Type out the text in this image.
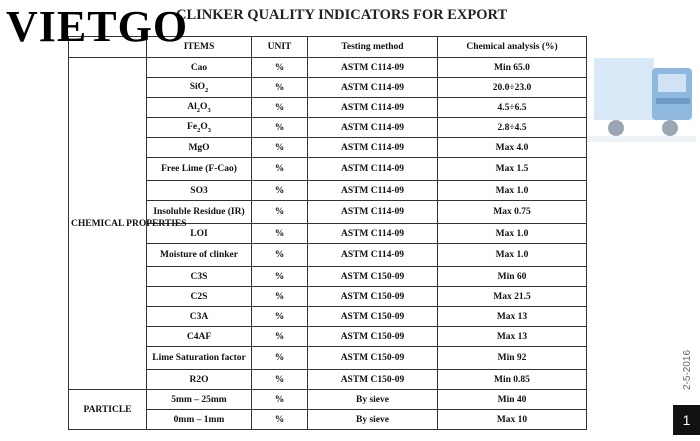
VIETGO
CLINKER QUALITY INDICATORS FOR EXPORT
	ITEMS	UNIT	Testing method	Chemical analysis (%)
CHEMICAL PROPERTIES	Cao	%	ASTM C114-09	Min 65.0
	SiO$_2$	%	ASTM C114-09	20.0÷23.0
	$Al_2O_3$	%	ASTM C114-09	4.5÷6.5
	$Fe_2O_3$	%	ASTM C114-09	2.8÷4.5
	MgO	%	ASTM C114-09	Max 4.0
	Free Lime (F-Cao)	%	ASTM C114-09	Max 1.5
	SO3	%	ASTM C114-09	Max 1.0
	Insoluble Residue (IR)	%	ASTM C114-09	Max 0.75
	LOI	%	ASTM C114-09	Max 1.0
	Moisture of clinker	%	ASTM C114-09	Max 1.0
	C3S	%	ASTM C150-09	Min 60
	C2S	%	ASTM C150-09	Max 21.5
	C3A	%	ASTM C150-09	Max 13
	C4AF	%	ASTM C150-09	Max 13
	Lime Saturation factor	%	ASTM C150-09	Min 92
	R2O	%	ASTM C150-09	Min 0.85
PARTICLE	5mm – 25mm	%	By sieve	Min 40
	0mm – 1mm	%	By sieve	Max 10
2-5-2016
1
